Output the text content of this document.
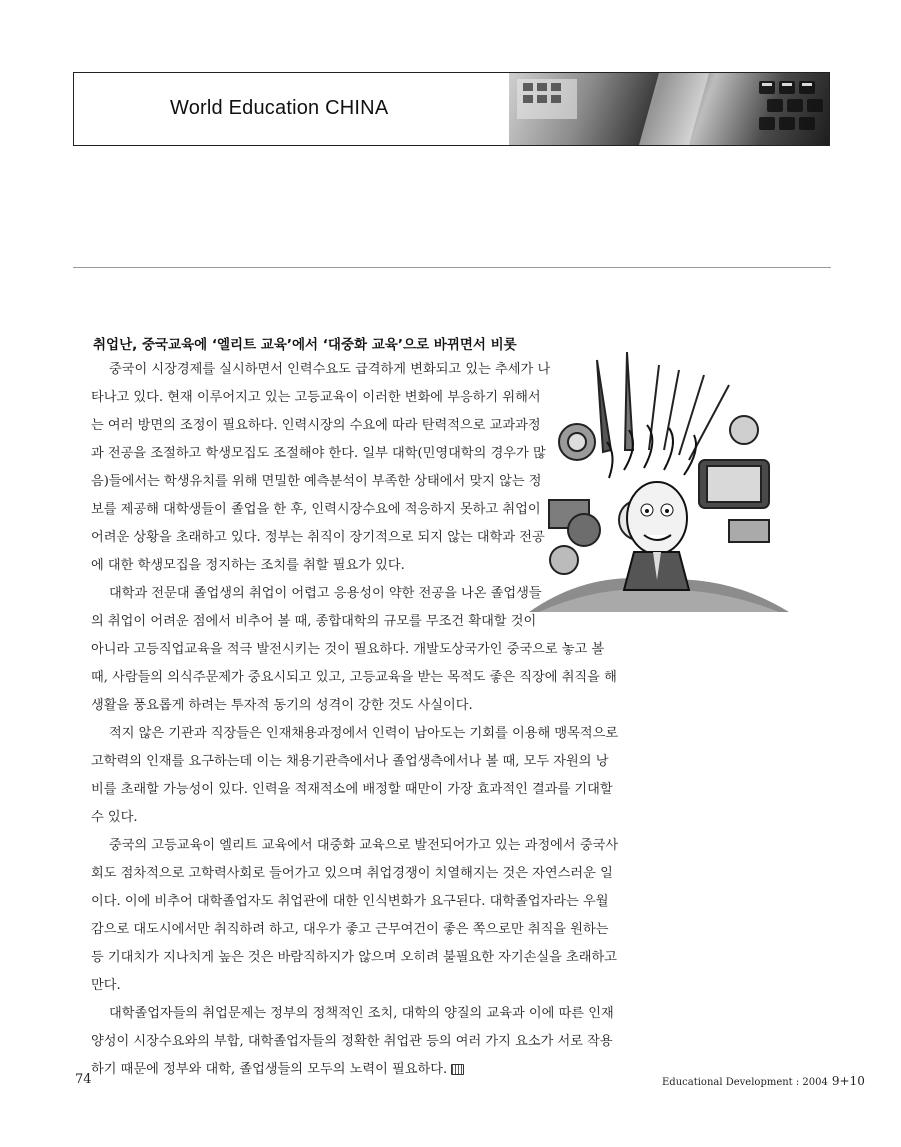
World Education CHINA
취업난, 중국교육에 ‘엘리트 교육’에서 ‘대중화 교육’으로 바뀌면서 비롯
중국이 시장경제를 실시하면서 인력수요도 급격하게 변화되고 있는 추세가 나
타나고 있다. 현재 이루어지고 있는 고등교육이 이러한 변화에 부응하기 위해서
는 여러 방면의 조정이 필요하다. 인력시장의 수요에 따라 탄력적으로 교과과정
과 전공을 조절하고 학생모집도 조절해야 한다. 일부 대학(민영대학의 경우가 많
음)들에서는 학생유치를 위해 면밀한 예측분석이 부족한 상태에서 맞지 않는 정
보를 제공해 대학생들이 졸업을 한 후, 인력시장수요에 적응하지 못하고 취업이
어려운 상황을 초래하고 있다. 정부는 취직이 장기적으로 되지 않는 대학과 전공
에 대한 학생모집을 정지하는 조치를 취할 필요가 있다.
대학과 전문대 졸업생의 취업이 어렵고 응용성이 약한 전공을 나온 졸업생들
의 취업이 어려운 점에서 비추어 볼 때, 종합대학의 규모를 무조건 확대할 것이
아니라 고등직업교육을 적극 발전시키는 것이 필요하다. 개발도상국가인 중국으로 놓고 볼
때, 사람들의 의식주문제가 중요시되고 있고, 고등교육을 받는 목적도 좋은 직장에 취직을 해
생활을 풍요롭게 하려는 투자적 동기의 성격이 강한 것도 사실이다.
적지 않은 기관과 직장들은 인재채용과정에서 인력이 남아도는 기회를 이용해 맹목적으로
고학력의 인재를 요구하는데 이는 채용기관측에서나 졸업생측에서나 볼 때, 모두 자원의 낭
비를 초래할 가능성이 있다. 인력을 적재적소에 배정할 때만이 가장 효과적인 결과를 기대할
수 있다.
중국의 고등교육이 엘리트 교육에서 대중화 교육으로 발전되어가고 있는 과정에서 중국사
회도 점차적으로 고학력사회로 들어가고 있으며 취업경쟁이 치열해지는 것은 자연스러운 일
이다. 이에 비추어 대학졸업자도 취업관에 대한 인식변화가 요구된다. 대학졸업자라는 우월
감으로 대도시에서만 취직하려 하고, 대우가 좋고 근무여건이 좋은 쪽으로만 취직을 원하는
등 기대치가 지나치게 높은 것은 바람직하지가 않으며 오히려 불필요한 자기손실을 초래하고
만다.
대학졸업자들의 취업문제는 정부의 정책적인 조치, 대학의 양질의 교육과 이에 따른 인재
양성이 시장수요와의 부합, 대학졸업자들의 정확한 취업관 등의 여러 가지 요소가 서로 작용
하기 때문에 정부와 대학, 졸업생들의 모두의 노력이 필요하다.
74	Educational Development : 2004 9+10
